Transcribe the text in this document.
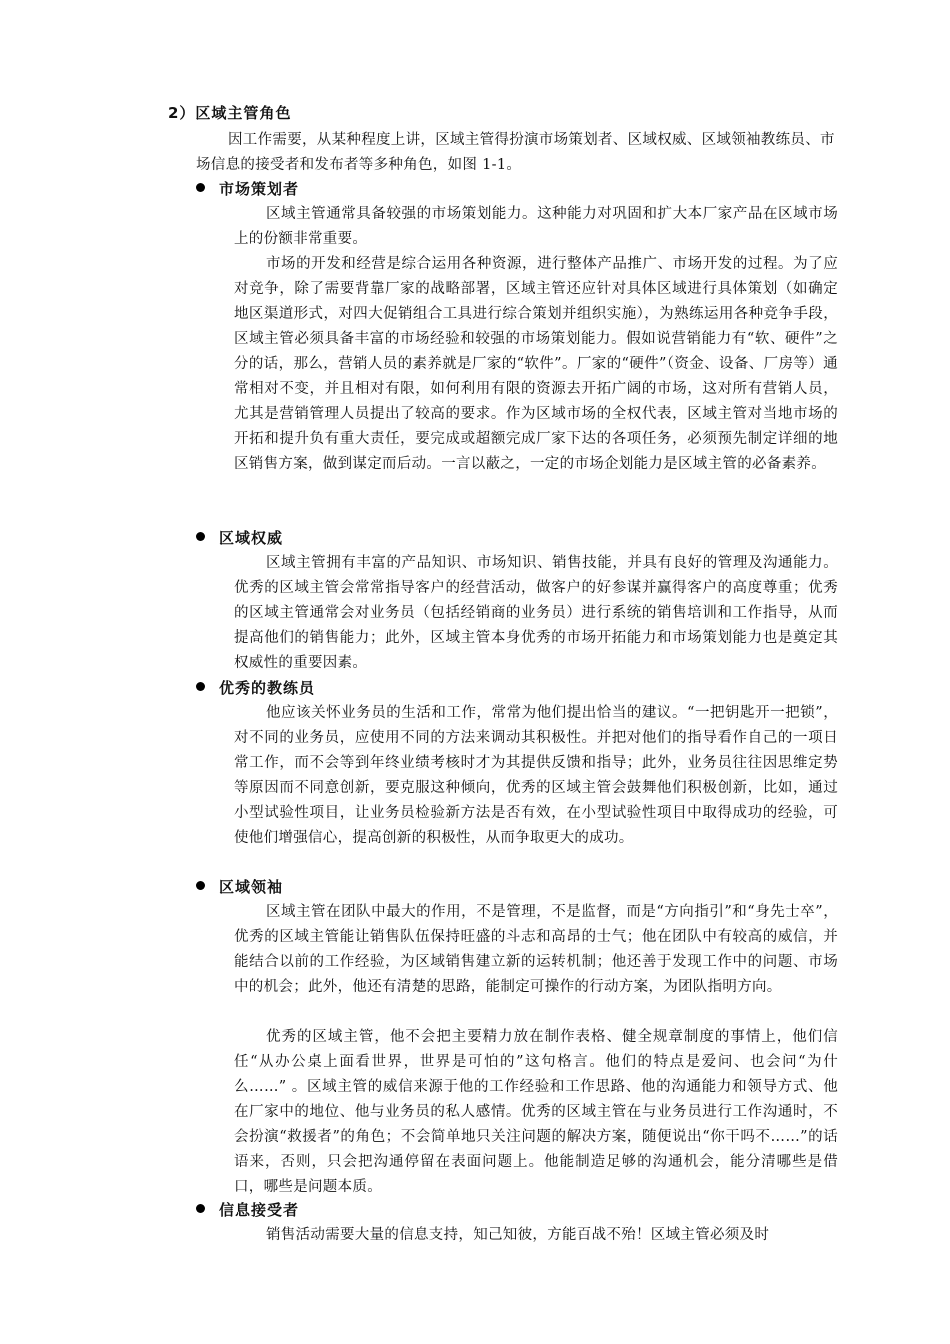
2）区域主管角色

因工作需要，从某种程度上讲，区域主管得扮演市场策划者、区域权威、区域领袖教练员、市场信息的接受者和发布者等多种角色，如图 1-1。

市场策划者

区域主管通常具备较强的市场策划能力。这种能力对巩固和扩大本厂家产品在区域市场上的份额非常重要。

市场的开发和经营是综合运用各种资源，进行整体产品推广、市场开发的过程。为了应对竞争，除了需要背靠厂家的战略部署，区域主管还应针对具体区域进行具体策划（如确定地区渠道形式，对四大促销组合工具进行综合策划并组织实施），为熟练运用各种竞争手段，区域主管必须具备丰富的市场经验和较强的市场策划能力。假如说营销能力有“软、硬件”之分的话，那么，营销人员的素养就是厂家的“软件”。厂家的“硬件”（资金、设备、厂房等）通常相对不变，并且相对有限，如何利用有限的资源去开拓广阔的市场，这对所有营销人员，尤其是营销管理人员提出了较高的要求。作为区域市场的全权代表，区域主管对当地市场的开拓和提升负有重大责任，要完成或超额完成厂家下达的各项任务，必须预先制定详细的地区销售方案，做到谋定而后动。一言以蔽之，一定的市场企划能力是区域主管的必备素养。

区域权威

区域主管拥有丰富的产品知识、市场知识、销售技能，并具有良好的管理及沟通能力。优秀的区域主管会常常指导客户的经营活动，做客户的好参谋并赢得客户的高度尊重；优秀的区域主管通常会对业务员（包括经销商的业务员）进行系统的销售培训和工作指导，从而提高他们的销售能力；此外，区域主管本身优秀的市场开拓能力和市场策划能力也是奠定其权威性的重要因素。

优秀的教练员

他应该关怀业务员的生活和工作，常常为他们提出恰当的建议。“一把钥匙开一把锁”，对不同的业务员，应使用不同的方法来调动其积极性。并把对他们的指导看作自己的一项日常工作，而不会等到年终业绩考核时才为其提供反馈和指导；此外，业务员往往因思维定势等原因而不同意创新，要克服这种倾向，优秀的区域主管会鼓舞他们积极创新，比如，通过小型试验性项目，让业务员检验新方法是否有效，在小型试验性项目中取得成功的经验，可使他们增强信心，提高创新的积极性，从而争取更大的成功。

区域领袖

区域主管在团队中最大的作用，不是管理，不是监督，而是“方向指引”和“身先士卒”，优秀的区域主管能让销售队伍保持旺盛的斗志和高昂的士气；他在团队中有较高的威信，并能结合以前的工作经验，为区域销售建立新的运转机制；他还善于发现工作中的问题、市场中的机会；此外，他还有清楚的思路，能制定可操作的行动方案，为团队指明方向。

优秀的区域主管，他不会把主要精力放在制作表格、健全规章制度的事情上，他们信任“从办公桌上面看世界，世界是可怕的”这句格言。他们的特点是爱问、也会问“为什么……” 。区域主管的威信来源于他的工作经验和工作思路、他的沟通能力和领导方式、他在厂家中的地位、他与业务员的私人感情。优秀的区域主管在与业务员进行工作沟通时，不会扮演“救援者”的角色；不会简单地只关注问题的解决方案，随便说出“你干吗不……”的话语来，否则，只会把沟通停留在表面问题上。他能制造足够的沟通机会，能分清哪些是借口，哪些是问题本质。

信息接受者

销售活动需要大量的信息支持，知己知彼，方能百战不殆！区域主管必须及时
